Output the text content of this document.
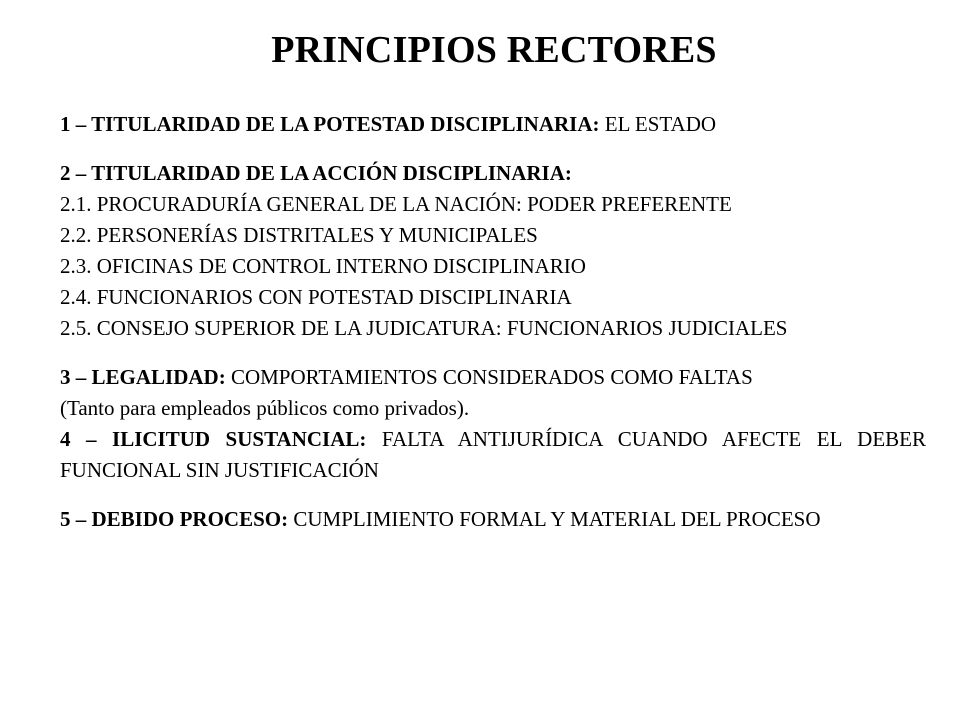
PRINCIPIOS RECTORES

1 – TITULARIDAD DE LA POTESTAD DISCIPLINARIA: EL ESTADO

2 – TITULARIDAD DE LA ACCIÓN DISCIPLINARIA:

2.1. PROCURADURÍA GENERAL DE LA NACIÓN: PODER PREFERENTE

2.2. PERSONERÍAS DISTRITALES Y MUNICIPALES

2.3. OFICINAS DE CONTROL INTERNO DISCIPLINARIO

2.4. FUNCIONARIOS CON POTESTAD DISCIPLINARIA

2.5. CONSEJO SUPERIOR DE LA JUDICATURA: FUNCIONARIOS JUDICIALES

3 – LEGALIDAD: COMPORTAMIENTOS CONSIDERADOS COMO FALTAS

(Tanto para empleados públicos como privados).

4 – ILICITUD SUSTANCIAL: FALTA ANTIJURÍDICA CUANDO AFECTE EL DEBER FUNCIONAL SIN JUSTIFICACIÓN

5 – DEBIDO PROCESO: CUMPLIMIENTO FORMAL Y MATERIAL DEL PROCESO
